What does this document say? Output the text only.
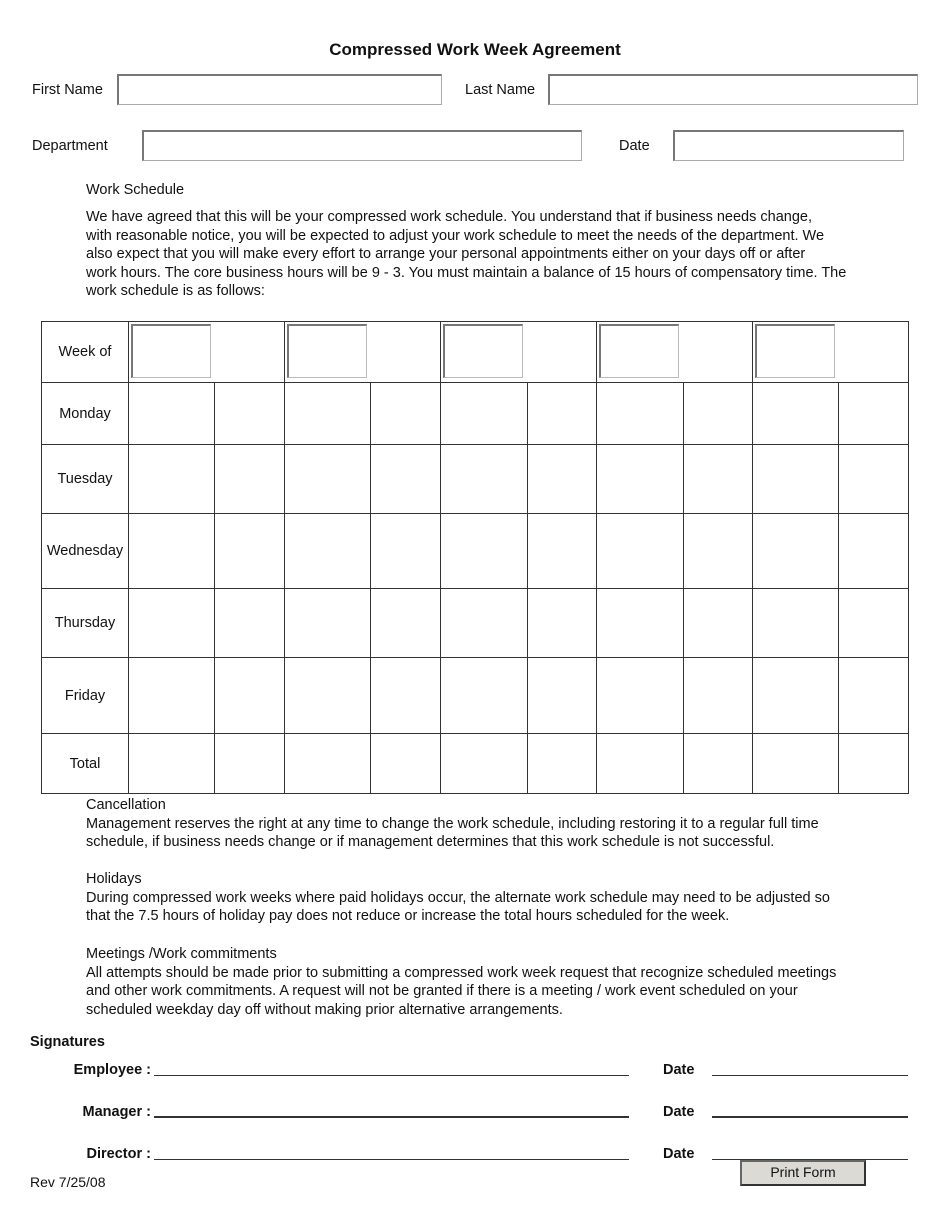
Compressed Work Week Agreement
First Name	Last Name
Department	Date
Work Schedule

We have agreed that this will be your compressed work schedule. You understand that if business needs change,

with reasonable notice, you will be expected to adjust your work schedule to meet the needs of the department. We

also expect that you will make every effort to arrange your personal appointments either on your days off or after

work hours. The core business hours will be 9 - 3. You must maintain a balance of 15 hours of compensatory time. The

work schedule is as follows:

Week of						

Monday										
Tuesday										
Wednesday										
Thursday										
Friday										
Total										

Cancellation

Management reserves the right at any time to change the work schedule, including restoring it to a regular full time

schedule, if business needs change or if management determines that this work schedule is not successful.

Holidays

During compressed work weeks where paid holidays occur, the alternate work schedule may need to be adjusted so

that the 7.5 hours of holiday pay does not reduce or increase the total hours scheduled for the week.

Meetings /Work commitments

All attempts should be made prior to submitting a compressed work week request that recognize scheduled meetings

and other work commitments. A request will not be granted if there is a meeting / work event scheduled on your

scheduled weekday day off without making prior alternative arrangements.

Signatures
Employee :	Date
Manager :	Date
Director :	Date
Print Form
Rev 7/25/08
